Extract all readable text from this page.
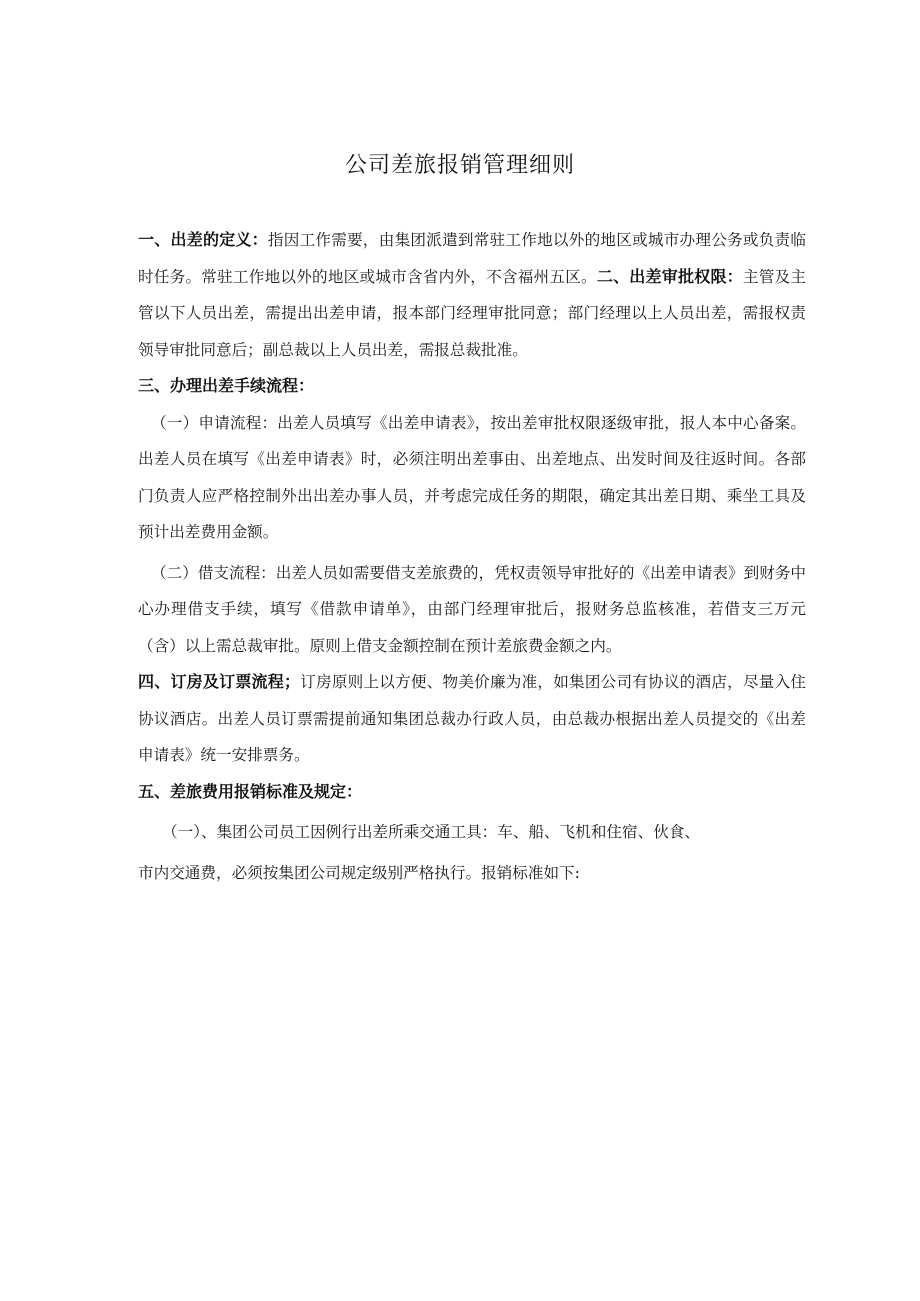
公司差旅报销管理细则

一、出差的定义：指因工作需要，由集团派遣到常驻工作地以外的地区或城市办理公务或负责临时任务。常驻工作地以外的地区或城市含省内外，不含福州五区。二、出差审批权限：主管及主管以下人员出差，需提出出差申请，报本部门经理审批同意；部门经理以上人员出差，需报权责领导审批同意后；副总裁以上人员出差，需报总裁批准。

三、办理出差手续流程：

（一）申请流程：出差人员填写《出差申请表》，按出差审批权限逐级审批，报人本中心备案。出差人员在填写《出差申请表》时，必须注明出差事由、出差地点、出发时间及往返时间。各部门负责人应严格控制外出出差办事人员，并考虑完成任务的期限，确定其出差日期、乘坐工具及预计出差费用金额。

（二）借支流程：出差人员如需要借支差旅费的，凭权责领导审批好的《出差申请表》到财务中心办理借支手续，填写《借款申请单》，由部门经理审批后，报财务总监核准，若借支三万元（含）以上需总裁审批。原则上借支金额控制在预计差旅费金额之内。

四、订房及订票流程；订房原则上以方便、物美价廉为准，如集团公司有协议的酒店，尽量入住协议酒店。出差人员订票需提前通知集团总裁办行政人员，由总裁办根据出差人员提交的《出差申请表》统一安排票务。

五、差旅费用报销标准及规定：

（一）、集团公司员工因例行出差所乘交通工具：车、船、飞机和住宿、伙食、

市内交通费，必须按集团公司规定级别严格执行。报销标准如下:
